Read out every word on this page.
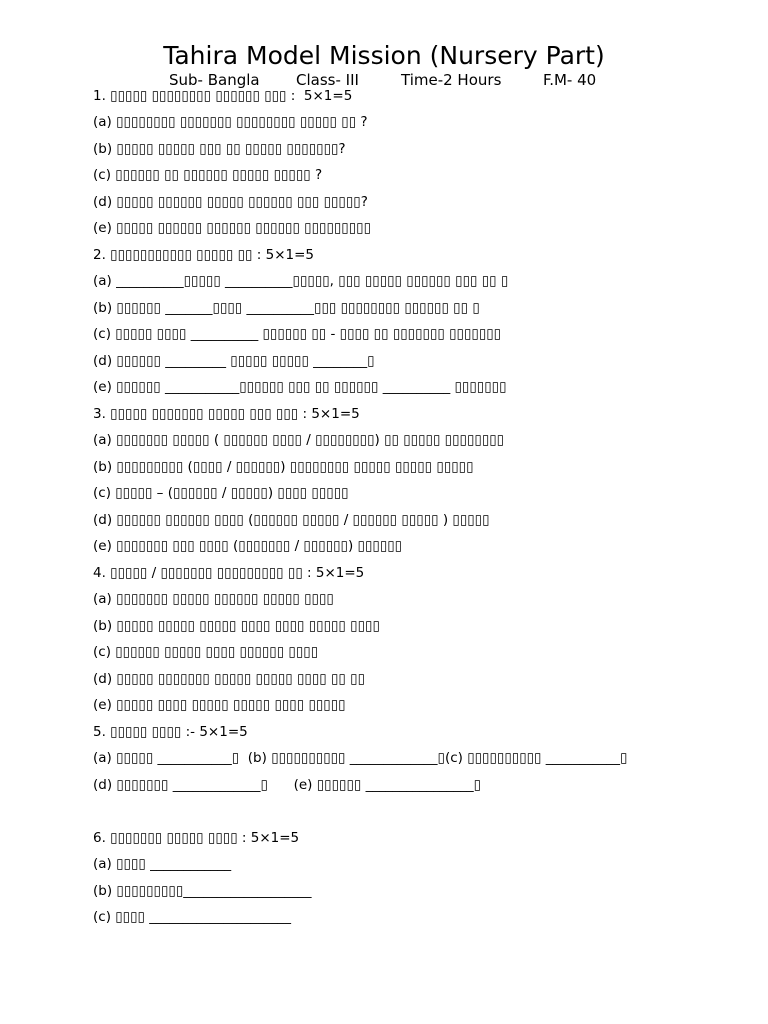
Tahira Model Mission (Nursery Part)
Sub- Bangla Class- III	Time-2 Hours	F.M- 40
1. ▯▯▯▯▯ ▯▯▯▯▯▯▯▯ ▯▯▯▯▯▯ ▯▯▯ :  5×1=5
(a) ▯▯▯▯▯▯▯▯ ▯▯▯▯▯▯▯ ▯▯▯▯▯▯▯▯ ▯▯▯▯▯ ▯▯ ?
(b) ▯▯▯▯▯ ▯▯▯▯▯ ▯▯▯ ▯▯ ▯▯▯▯▯ ▯▯▯▯▯▯▯?
(c) ▯▯▯▯▯▯ ▯▯ ▯▯▯▯▯▯ ▯▯▯▯▯ ▯▯▯▯▯ ?
(d) ▯▯▯▯▯ ▯▯▯▯▯▯ ▯▯▯▯▯ ▯▯▯▯▯▯ ▯▯▯ ▯▯▯▯▯?
(e) ▯▯▯▯▯ ▯▯▯▯▯▯ ▯▯▯▯▯▯ ▯▯▯▯▯▯ ▯▯▯▯▯▯▯▯▯
2. ▯▯▯▯▯▯▯▯▯▯▯ ▯▯▯▯▯ ▯▯ : 5×1=5
(a) __________▯▯▯▯▯ __________▯▯▯▯▯, ▯▯▯ ▯▯▯▯▯ ▯▯▯▯▯▯ ▯▯▯ ▯▯ ▯
(b) ▯▯▯▯▯▯ _______▯▯▯▯ __________▯▯▯ ▯▯▯▯▯▯▯▯ ▯▯▯▯▯▯ ▯▯ ▯
(c) ▯▯▯▯▯ ▯▯▯▯ __________ ▯▯▯▯▯▯ ▯▯ - ▯▯▯▯ ▯▯ ▯▯▯▯▯▯▯ ▯▯▯▯▯▯▯
(d) ▯▯▯▯▯▯ _________ ▯▯▯▯▯ ▯▯▯▯▯ ________▯
(e) ▯▯▯▯▯▯ ___________▯▯▯▯▯▯ ▯▯▯ ▯▯ ▯▯▯▯▯▯ __________ ▯▯▯▯▯▯▯
3. ▯▯▯▯▯ ▯▯▯▯▯▯▯ ▯▯▯▯▯ ▯▯▯ ▯▯▯ : 5×1=5
(a) ▯▯▯▯▯▯▯ ▯▯▯▯▯ ( ▯▯▯▯▯▯ ▯▯▯▯ / ▯▯▯▯▯▯▯▯) ▯▯ ▯▯▯▯▯ ▯▯▯▯▯▯▯▯
(b) ▯▯▯▯▯▯▯▯▯ (▯▯▯▯ / ▯▯▯▯▯▯) ▯▯▯▯▯▯▯▯ ▯▯▯▯▯ ▯▯▯▯▯ ▯▯▯▯▯
(c) ▯▯▯▯▯ – (▯▯▯▯▯▯ / ▯▯▯▯▯) ▯▯▯▯ ▯▯▯▯▯
(d) ▯▯▯▯▯▯ ▯▯▯▯▯▯ ▯▯▯▯ (▯▯▯▯▯▯ ▯▯▯▯▯ / ▯▯▯▯▯▯ ▯▯▯▯▯ ) ▯▯▯▯▯
(e) ▯▯▯▯▯▯▯ ▯▯▯ ▯▯▯▯ (▯▯▯▯▯▯▯ / ▯▯▯▯▯▯) ▯▯▯▯▯▯
4. ▯▯▯▯▯ / ▯▯▯▯▯▯▯ ▯▯▯▯▯▯▯▯▯ ▯▯ : 5×1=5
(a) ▯▯▯▯▯▯▯ ▯▯▯▯▯ ▯▯▯▯▯▯ ▯▯▯▯▯ ▯▯▯▯
(b) ▯▯▯▯▯ ▯▯▯▯▯ ▯▯▯▯▯ ▯▯▯▯ ▯▯▯▯ ▯▯▯▯▯ ▯▯▯▯
(c) ▯▯▯▯▯▯ ▯▯▯▯▯ ▯▯▯▯ ▯▯▯▯▯▯ ▯▯▯▯
(d) ▯▯▯▯▯ ▯▯▯▯▯▯▯ ▯▯▯▯▯ ▯▯▯▯▯ ▯▯▯▯ ▯▯ ▯▯
(e) ▯▯▯▯▯ ▯▯▯▯ ▯▯▯▯▯ ▯▯▯▯▯ ▯▯▯▯ ▯▯▯▯▯
5. ▯▯▯▯▯ ▯▯▯▯ :- 5×1=5
(a) ▯▯▯▯▯ ___________▯  (b) ▯▯▯▯▯▯▯▯▯▯ _____________▯(c) ▯▯▯▯▯▯▯▯▯▯ ___________▯
(d) ▯▯▯▯▯▯▯ _____________▯      (e) ▯▯▯▯▯▯ ________________▯
6. ▯▯▯▯▯▯▯ ▯▯▯▯▯ ▯▯▯▯ : 5×1=5
(a) ▯▯▯▯ ____________
(b) ▯▯▯▯▯▯▯▯▯___________________
(c) ▯▯▯▯ _____________________
